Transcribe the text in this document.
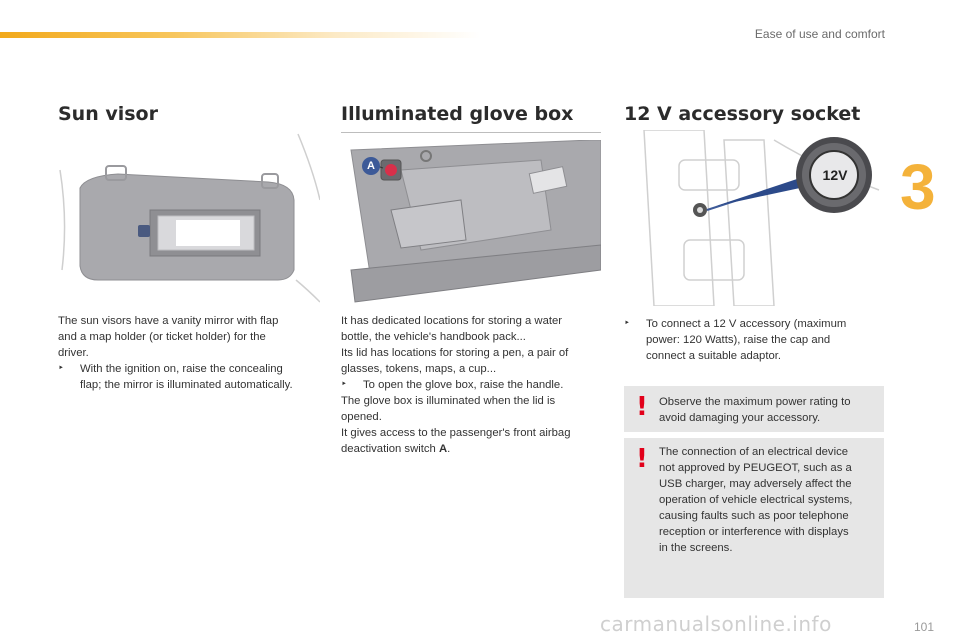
Ease of use and comfort
3
Sun visor

The sun visors have a vanity mirror with flap

and a map holder (or ticket holder) for the

driver.

‣	With the ignition on, raise the concealing

flap; the mirror is illuminated automatically.

Illuminated glove box
A

It has dedicated locations for storing a water

bottle, the vehicle's handbook pack...

Its lid has locations for storing a pen, a pair of

glasses, tokens, maps, a cup...

‣	To open the glove box, raise the handle.

The glove box is illuminated when the lid is

opened.

It gives access to the passenger's front airbag

deactivation switch A.

12 V accessory socket
12V
‣	To connect a 12 V accessory (maximum

power: 120 Watts), raise the cap and

connect a suitable adaptor.

! Observe the maximum power rating to
avoid damaging your accessory.
! The connection of an electrical device
not approved by PEUGEOT, such as a
USB charger, may adversely affect the
operation of vehicle electrical systems,
causing faults such as poor telephone
reception or interference with displays
in the screens.
carmanualsonline.info	101
